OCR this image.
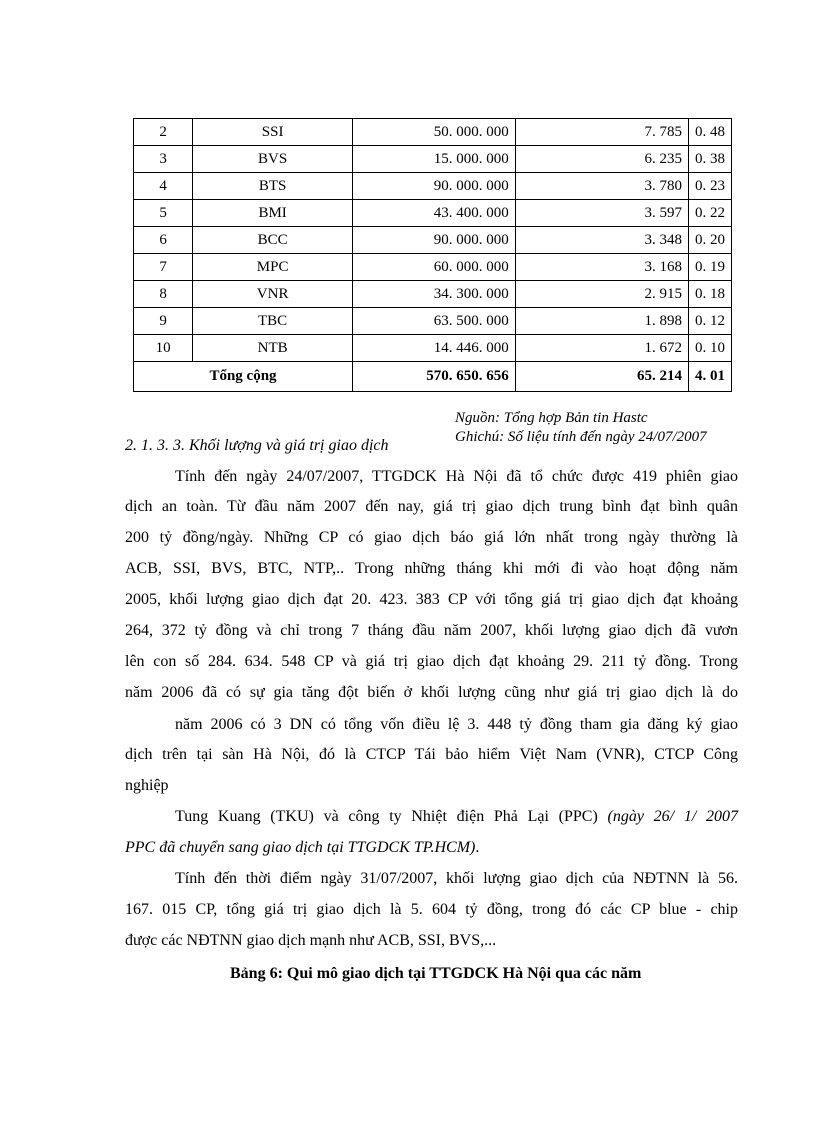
2	SSI	50. 000. 000	7. 785	0. 48
3	BVS	15. 000. 000	6. 235	0. 38
4	BTS	90. 000. 000	3. 780	0. 23
5	BMI	43. 400. 000	3. 597	0. 22
6	BCC	90. 000. 000	3. 348	0. 20
7	MPC	60. 000. 000	3. 168	0. 19
8	VNR	34. 300. 000	2. 915	0. 18
9	TBC	63. 500. 000	1. 898	0. 12
10	NTB	14. 446. 000	1. 672	0. 10
Tổng cộng		570. 650. 656	65. 214	4. 01
Nguồn: Tổng hợp Bản tin Hastc
Ghichú: Số liệu tính đến ngày 24/07/2007
2. 1. 3. 3. Khối lượng và giá trị giao dịch
Tính đến ngày 24/07/2007, TTGDCK Hà Nội đã tổ chức được 419 phiên giao
dịch an toàn. Từ đầu năm 2007 đến nay, giá trị giao dịch trung bình đạt bình quân
200 tỷ đồng/ngày. Những CP có giao dịch báo giá lớn nhất trong ngày thường là
ACB, SSI, BVS, BTC, NTP,.. Trong những tháng khi mới đi vào hoạt động năm
2005, khối lượng giao dịch đạt 20. 423. 383 CP với tổng giá trị giao dịch đạt khoảng
264, 372 tỷ đồng và chỉ trong 7 tháng đầu năm 2007, khối lượng giao dịch đã vươn
lên con số 284. 634. 548 CP và giá trị giao dịch đạt khoảng 29. 211 tỷ đồng. Trong
năm 2006 đã có sự gia tăng đột biến ở khối lượng cũng như giá trị giao dịch là do
năm 2006 có 3 DN có tổng vốn điều lệ 3. 448 tỷ đồng tham gia đăng ký giao
dịch trên tại sàn Hà Nội, đó là CTCP Tái bảo hiểm Việt Nam (VNR), CTCP Công
nghiệp
Tung Kuang (TKU) và công ty Nhiệt điện Phả Lại (PPC) (ngày 26/ 1/ 2007
PPC đã chuyển sang giao dịch tại TTGDCK TP.HCM).
Tính đến thời điểm ngày 31/07/2007, khối lượng giao dịch của NĐTNN là 56.
167. 015 CP, tổng giá trị giao dịch là 5. 604 tỷ đồng, trong đó các CP blue - chip
được các NĐTNN giao dịch mạnh như ACB, SSI, BVS,...
Bảng 6: Qui mô giao dịch tại TTGDCK Hà Nội qua các năm
